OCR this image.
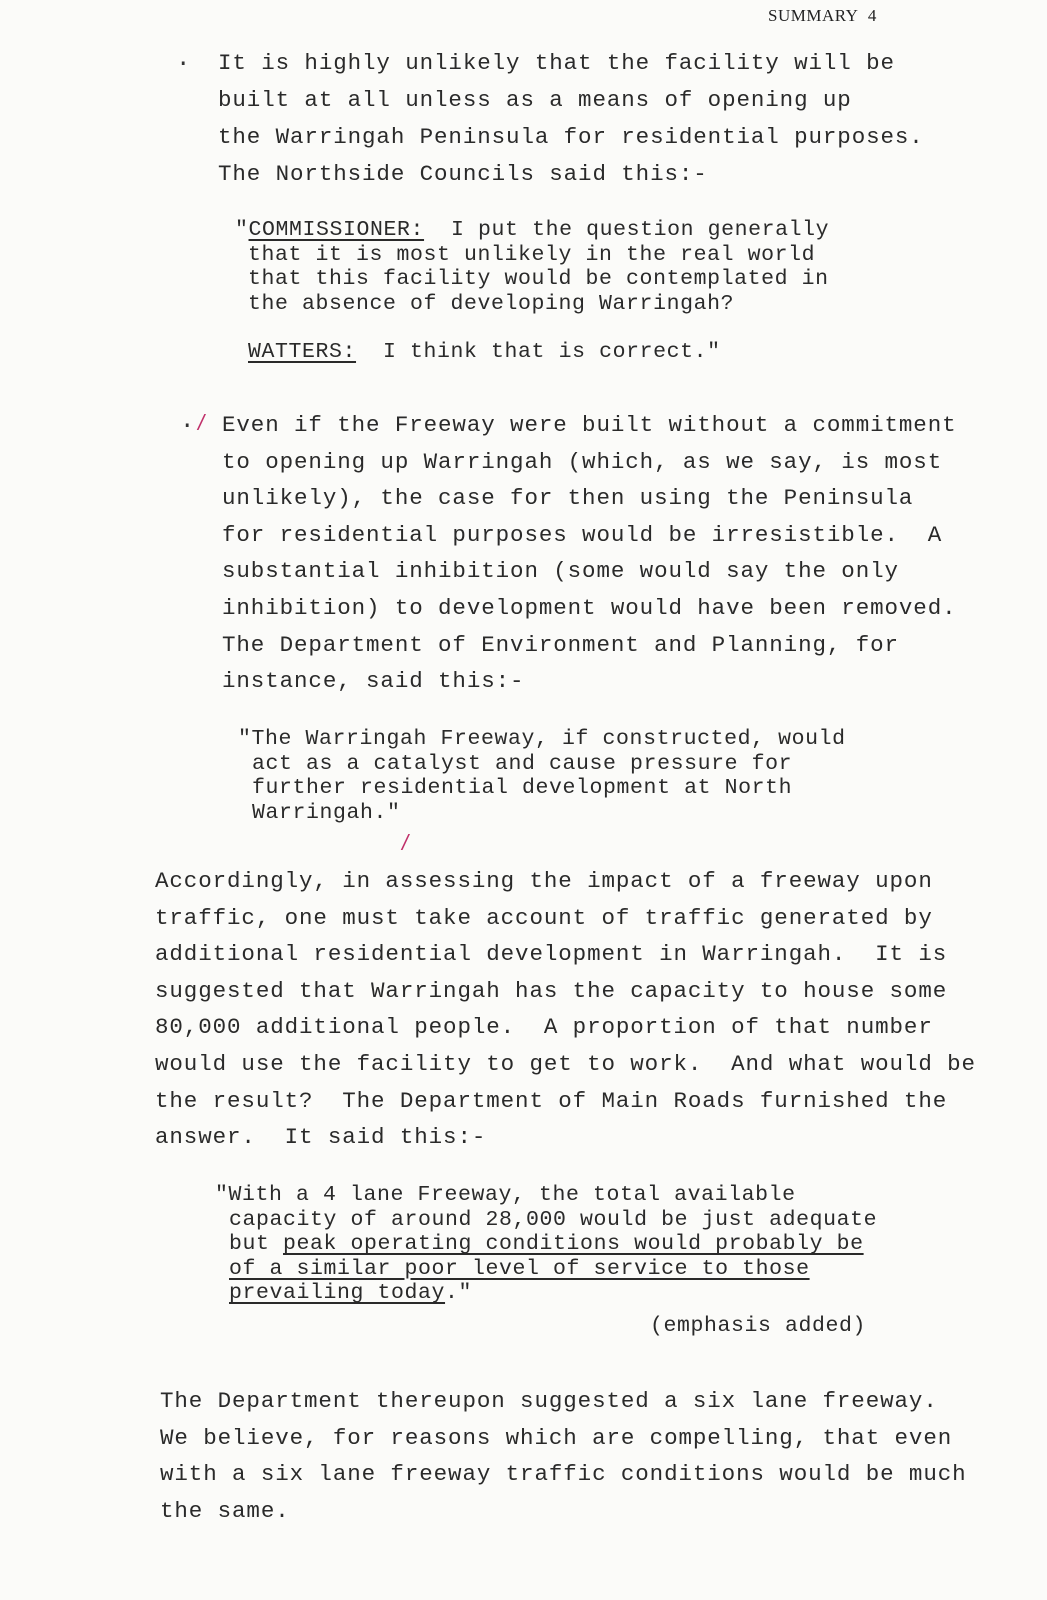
SUMMARY 4
.
. /
/
It is highly unlikely that the facility will be
built at all unless as a means of opening up
the Warringah Peninsula for residential purposes.
The Northside Councils said this:-
"COMMISSIONER:  I put the question generally
that it is most unlikely in the real world
that this facility would be contemplated in
the absence of developing Warringah?
WATTERS:  I think that is correct."
Even if the Freeway were built without a commitment
to opening up Warringah (which, as we say, is most
unlikely), the case for then using the Peninsula
for residential purposes would be irresistible.  A
substantial inhibition (some would say the only
inhibition) to development would have been removed.
The Department of Environment and Planning, for
instance, said this:-
"The Warringah Freeway, if constructed, would
act as a catalyst and cause pressure for
further residential development at North
Warringah."
Accordingly, in assessing the impact of a freeway upon
traffic, one must take account of traffic generated by
additional residential development in Warringah.  It is
suggested that Warringah has the capacity to house some
80,000 additional people.  A proportion of that number
would use the facility to get to work.  And what would be
the result?  The Department of Main Roads furnished the
answer.  It said this:-
"With a 4 lane Freeway, the total available
capacity of around 28,000 would be just adequate
but peak operating conditions would probably be
of a similar poor level of service to those
prevailing today."
(emphasis added)
The Department thereupon suggested a six lane freeway.
We believe, for reasons which are compelling, that even
with a six lane freeway traffic conditions would be much
the same.
